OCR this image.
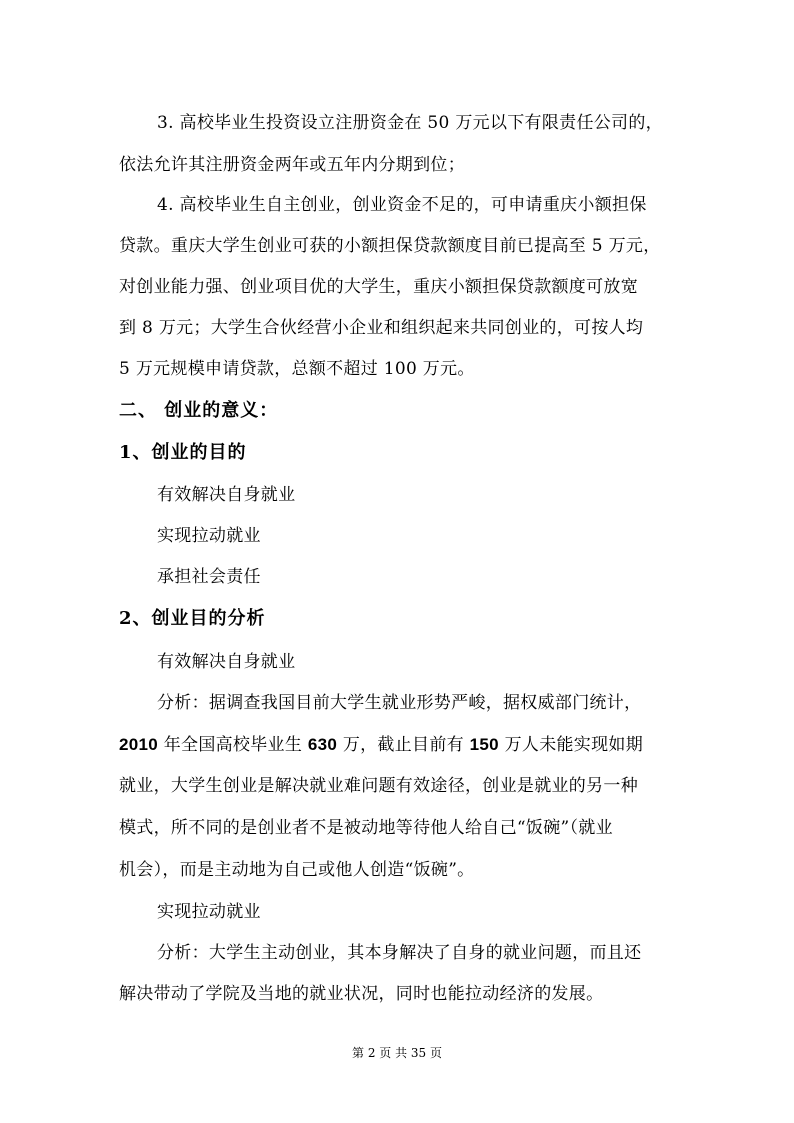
3. 高校毕业生投资设立注册资金在 50 万元以下有限责任公司的，
依法允许其注册资金两年或五年内分期到位；
4. 高校毕业生自主创业，创业资金不足的，可申请重庆小额担保
贷款。重庆大学生创业可获的小额担保贷款额度目前已提高至 5 万元，
对创业能力强、创业项目优的大学生，重庆小额担保贷款额度可放宽
到 8 万元；大学生合伙经营小企业和组织起来共同创业的，可按人均
5 万元规模申请贷款，总额不超过 100 万元。
二、 创业的意义：
1、创业的目的
有效解决自身就业
实现拉动就业
承担社会责任
2、创业目的分析
有效解决自身就业
分析：据调查我国目前大学生就业形势严峻，据权威部门统计，
2010 年全国高校毕业生 630 万，截止目前有 150 万人未能实现如期
就业，大学生创业是解决就业难问题有效途径，创业是就业的另一种
模式，所不同的是创业者不是被动地等待他人给自己“饭碗”（就业
机会），而是主动地为自己或他人创造“饭碗”。
实现拉动就业
分析：大学生主动创业，其本身解决了自身的就业问题，而且还
解决带动了学院及当地的就业状况，同时也能拉动经济的发展。
第 2 页 共 35 页
